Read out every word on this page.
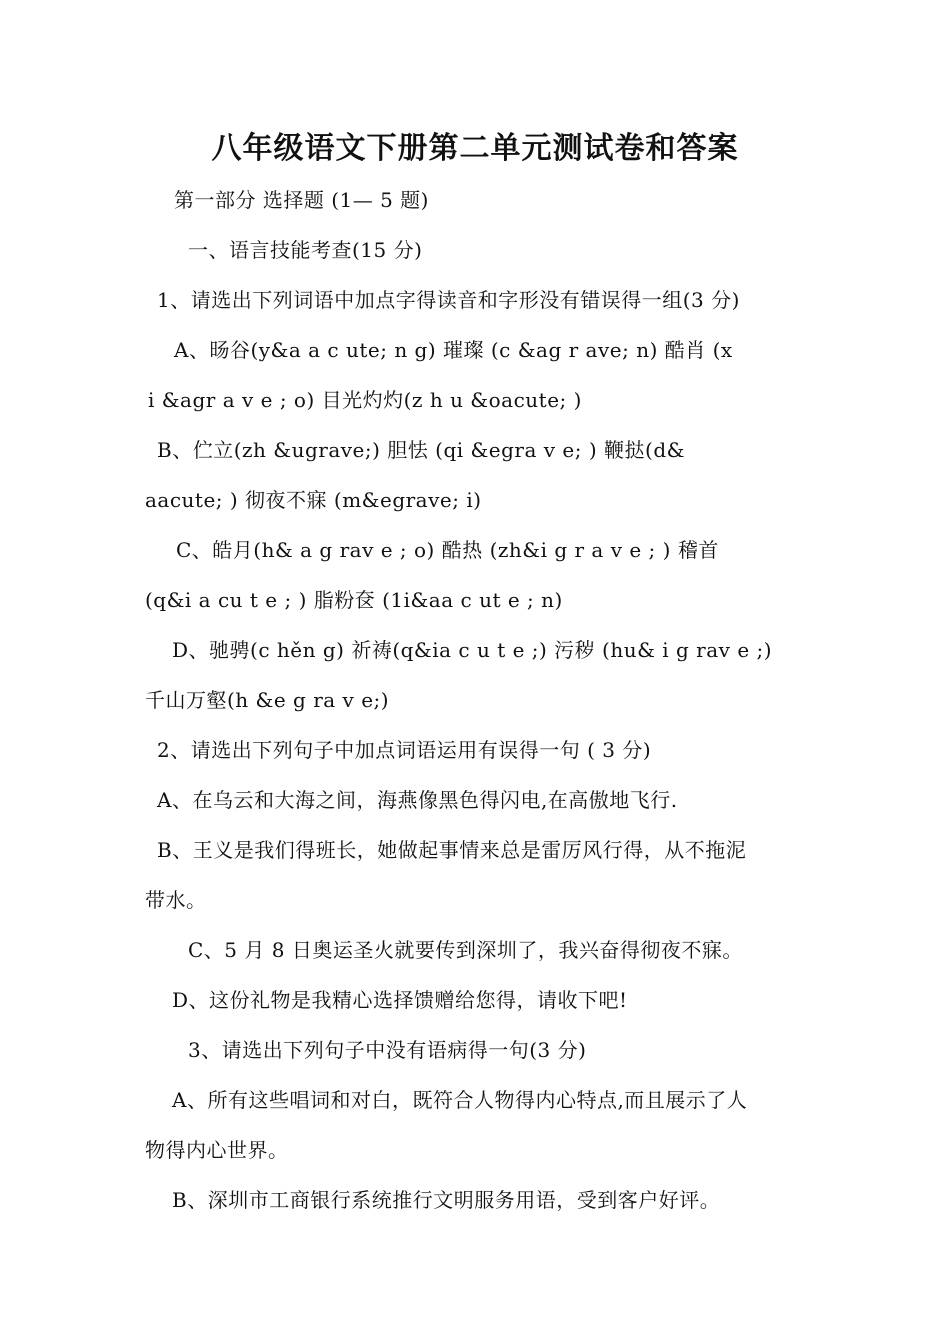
八年级语文下册第二单元测试卷和答案
第一部分 选择题 (1— 5 题)
一、语言技能考查(15 分)
1、请选出下列词语中加点字得读音和字形没有错误得一组(3 分)
A、旸谷(y&a a c ute; n g) 璀璨 (c &ag r ave; n) 酷肖 (x
i &agr a v e ; o) 目光灼灼(z h u &oacute; )
B、伫立(zh &ugrave;) 胆怯 (qi &egra v e; ) 鞭挞(d&
aacute; ) 彻夜不寐 (m&egrave; i)
C、皓月(h& a g rav e ; o) 酷热 (zh&i g r a v e ; ) 稽首
(q&i a cu t e ; ) 脂粉奁 (1i&aa c ut e ; n)
D、驰骋(c hěn g) 祈祷(q&ia c u t e ;) 污秽 (hu& i g rav e ;)
千山万壑(h &e g ra v e;)
2、请选出下列句子中加点词语运用有误得一句 ( 3 分)
A、在乌云和大海之间，海燕像黑色得闪电,在高傲地飞行.
B、王义是我们得班长，她做起事情来总是雷厉风行得，从不拖泥
带水。
C、5 月 8 日奥运圣火就要传到深圳了，我兴奋得彻夜不寐。
D、这份礼物是我精心选择馈赠给您得，请收下吧!
3、请选出下列句子中没有语病得一句(3 分)
A、所有这些唱词和对白，既符合人物得内心特点,而且展示了人
物得内心世界。
B、深圳市工商银行系统推行文明服务用语，受到客户好评。
